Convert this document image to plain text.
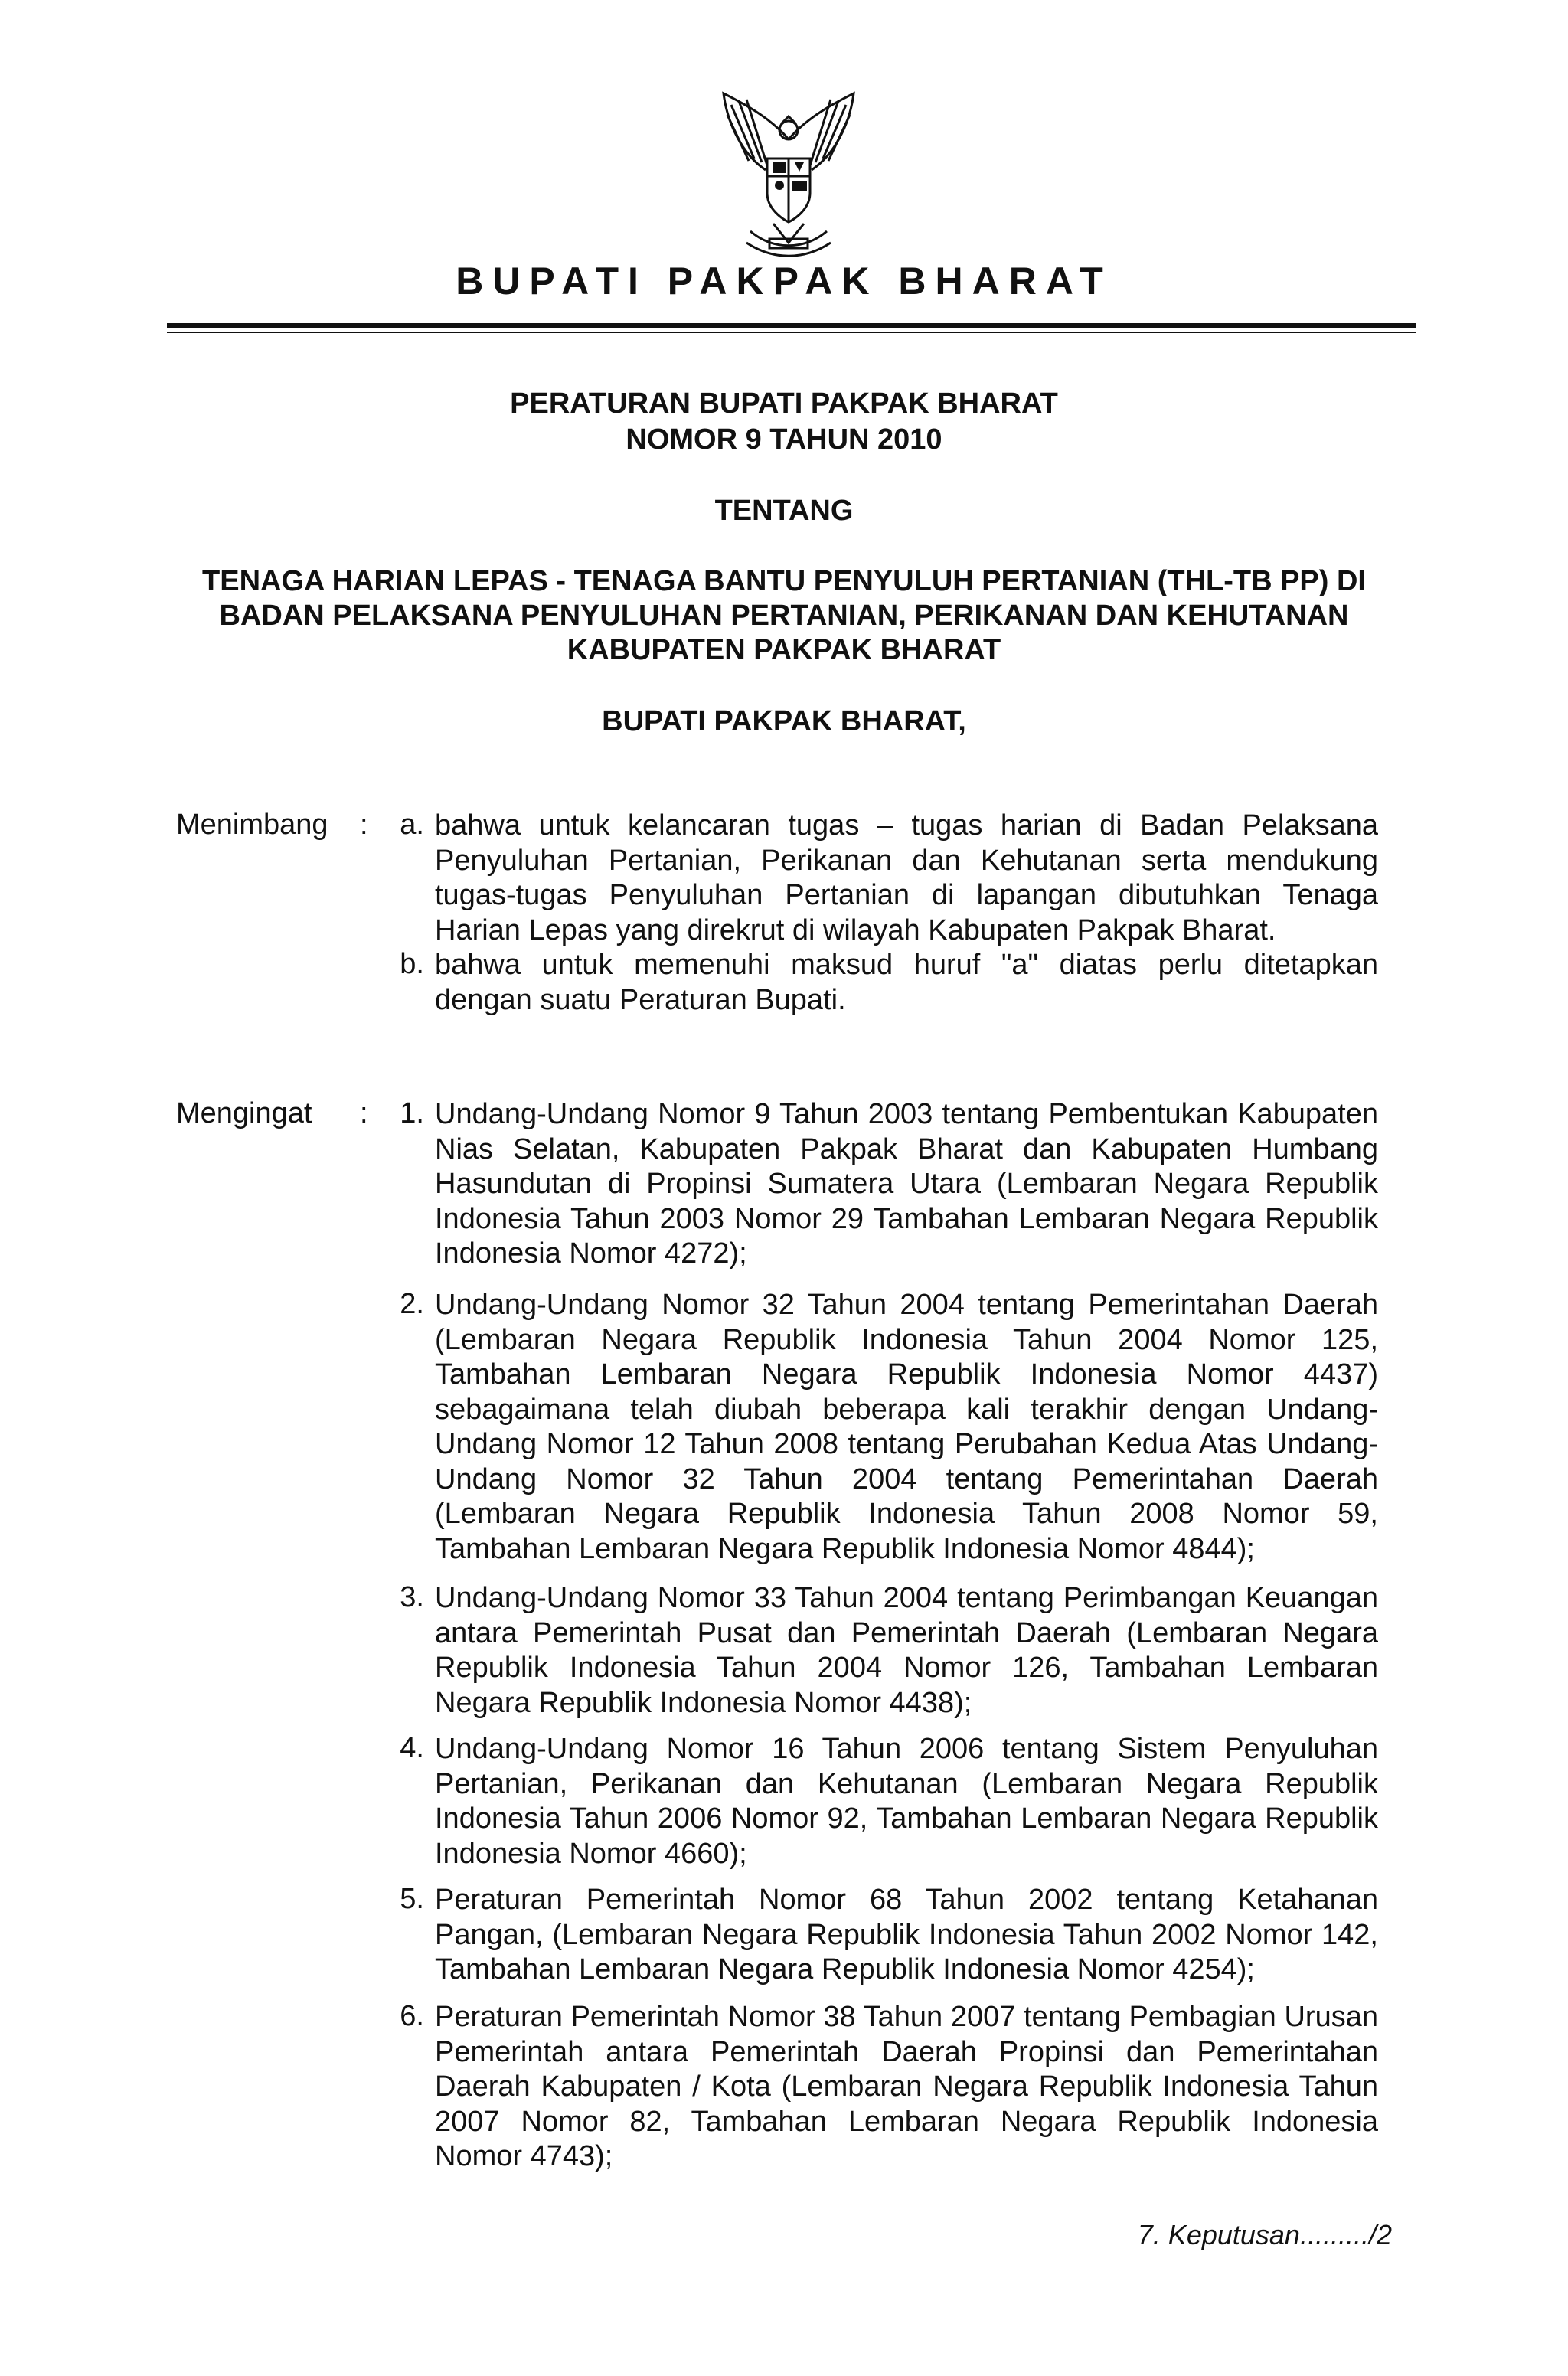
BUPATI PAKPAK BHARAT
PERATURAN BUPATI PAKPAK BHARAT
NOMOR 9 TAHUN 2010
TENTANG
TENAGA HARIAN LEPAS - TENAGA BANTU PENYULUH PERTANIAN (THL-TB PP) DI
BADAN PELAKSANA PENYULUHAN PERTANIAN, PERIKANAN DAN KEHUTANAN
KABUPATEN PAKPAK BHARAT
BUPATI PAKPAK BHARAT,
Menimbang :	a. bahwa untuk kelancaran tugas – tugas harian di Badan Pelaksana Penyuluhan Pertanian, Perikanan dan Kehutanan serta mendukung tugas-tugas Penyuluhan Pertanian di lapangan dibutuhkan Tenaga Harian Lepas yang direkrut di wilayah Kabupaten Pakpak Bharat.
b. bahwa untuk memenuhi maksud huruf "a" diatas perlu ditetapkan dengan suatu Peraturan Bupati.
Mengingat :	1. Undang-Undang Nomor 9 Tahun 2003 tentang Pembentukan Kabupaten Nias Selatan, Kabupaten Pakpak Bharat dan Kabupaten Humbang Hasundutan di Propinsi Sumatera Utara (Lembaran Negara Republik Indonesia Tahun 2003 Nomor 29 Tambahan Lembaran Negara Republik Indonesia Nomor 4272);
2. Undang-Undang Nomor 32 Tahun 2004 tentang Pemerintahan Daerah (Lembaran Negara Republik Indonesia Tahun 2004 Nomor 125, Tambahan Lembaran Negara Republik Indonesia Nomor 4437) sebagaimana telah diubah beberapa kali terakhir dengan Undang-Undang Nomor 12 Tahun 2008 tentang Perubahan Kedua Atas Undang-Undang Nomor 32 Tahun 2004 tentang Pemerintahan Daerah (Lembaran Negara Republik Indonesia Tahun 2008 Nomor 59, Tambahan Lembaran Negara Republik Indonesia Nomor 4844);
3. Undang-Undang Nomor 33 Tahun 2004 tentang Perimbangan Keuangan antara Pemerintah Pusat dan Pemerintah Daerah (Lembaran Negara Republik Indonesia Tahun 2004 Nomor 126, Tambahan Lembaran Negara Republik Indonesia Nomor 4438);
4. Undang-Undang Nomor 16 Tahun 2006 tentang Sistem Penyuluhan Pertanian, Perikanan dan Kehutanan (Lembaran Negara Republik Indonesia Tahun 2006 Nomor 92, Tambahan Lembaran Negara Republik Indonesia Nomor 4660);
5. Peraturan Pemerintah Nomor 68 Tahun 2002 tentang Ketahanan Pangan, (Lembaran Negara Republik Indonesia Tahun 2002 Nomor 142, Tambahan Lembaran Negara Republik Indonesia Nomor 4254);
6. Peraturan Pemerintah Nomor 38 Tahun 2007 tentang Pembagian Urusan Pemerintah antara Pemerintah Daerah Propinsi dan Pemerintahan Daerah Kabupaten / Kota (Lembaran Negara Republik Indonesia Tahun 2007 Nomor 82, Tambahan Lembaran Negara Republik Indonesia Nomor 4743);
7. Keputusan........./2
